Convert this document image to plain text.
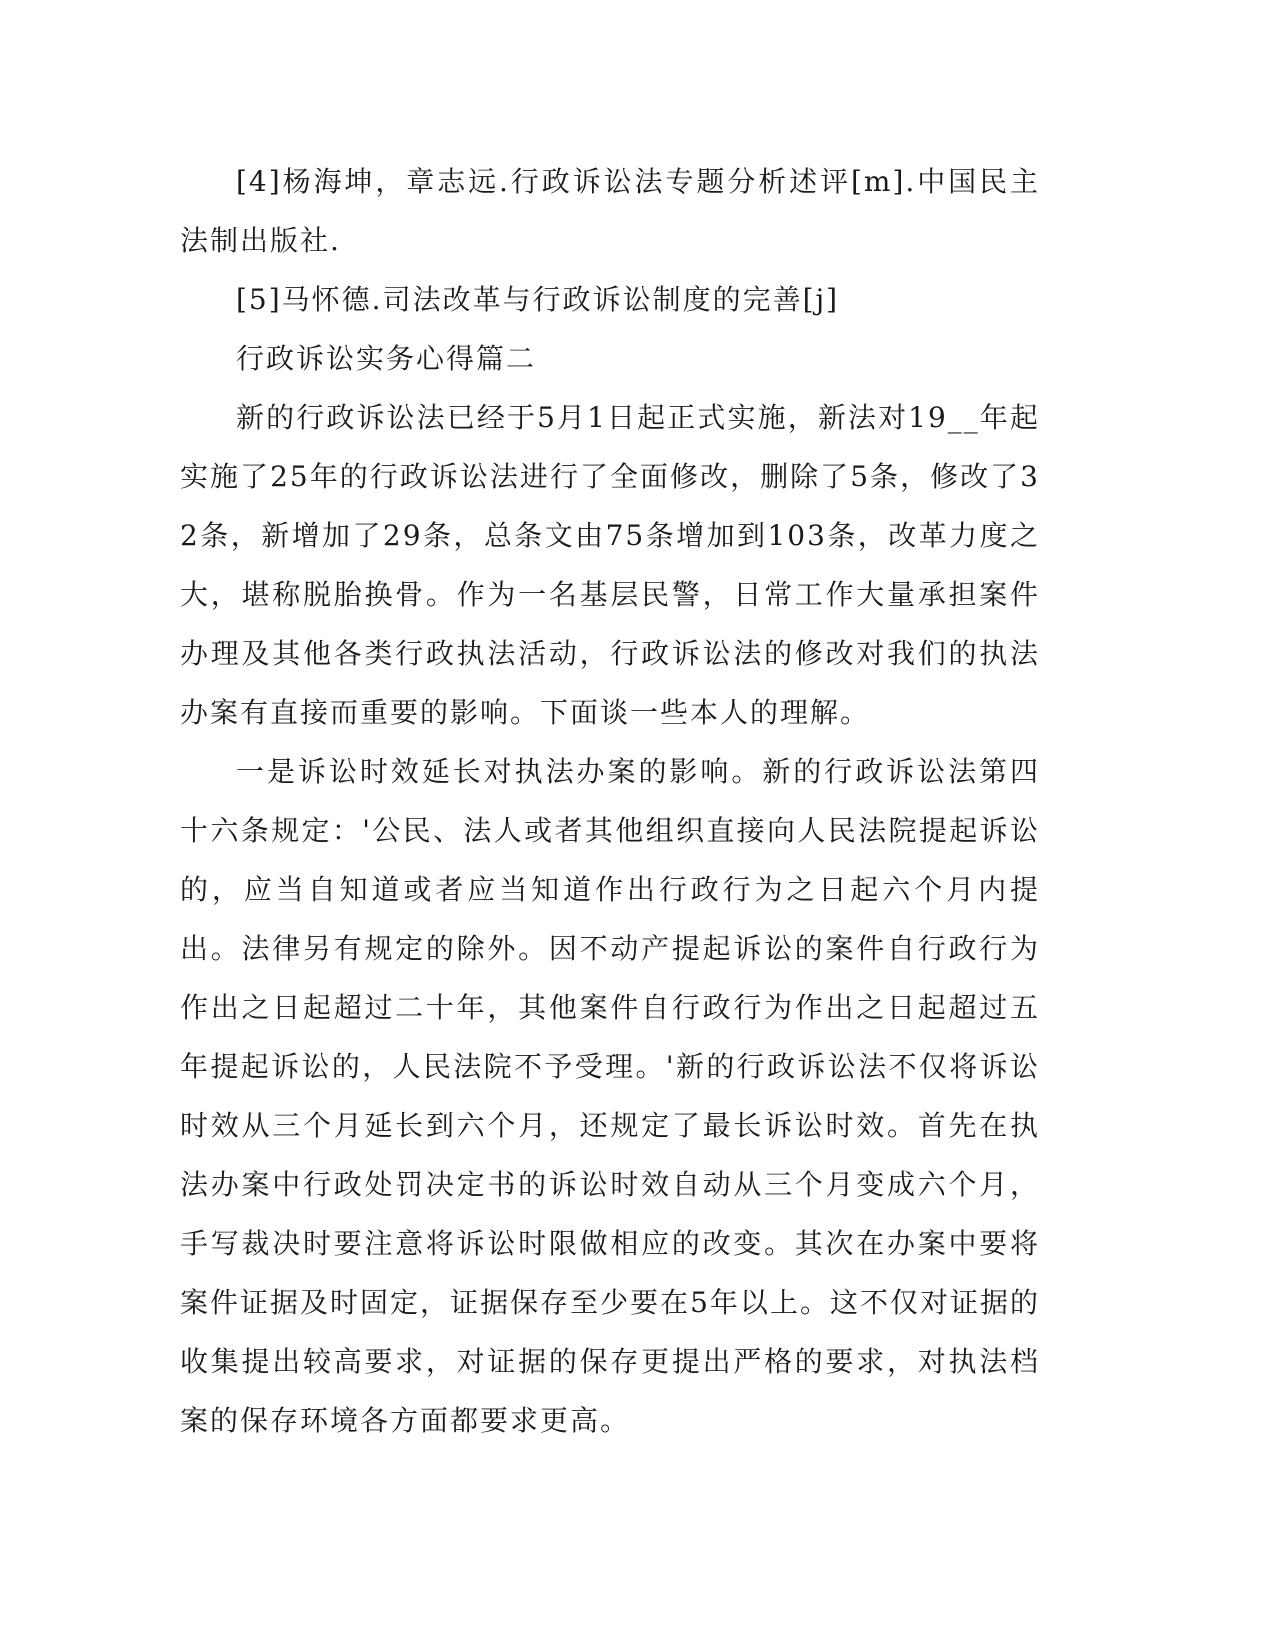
[4]杨海坤，章志远.行政诉讼法专题分析述评[m].中国民主法制出版社.

[5]马怀德.司法改革与行政诉讼制度的完善[j]

行政诉讼实务心得篇二

新的行政诉讼法已经于5月1日起正式实施，新法对19__年起实施了25年的行政诉讼法进行了全面修改，删除了5条，修改了32条，新增加了29条，总条文由75条增加到103条，改革力度之大，堪称脱胎换骨。作为一名基层民警，日常工作大量承担案件办理及其他各类行政执法活动，行政诉讼法的修改对我们的执法办案有直接而重要的影响。下面谈一些本人的理解。

一是诉讼时效延长对执法办案的影响。新的行政诉讼法第四十六条规定：'公民、法人或者其他组织直接向人民法院提起诉讼的，应当自知道或者应当知道作出行政行为之日起六个月内提出。法律另有规定的除外。因不动产提起诉讼的案件自行政行为作出之日起超过二十年，其他案件自行政行为作出之日起超过五年提起诉讼的，人民法院不予受理。'新的行政诉讼法不仅将诉讼时效从三个月延长到六个月，还规定了最长诉讼时效。首先在执法办案中行政处罚决定书的诉讼时效自动从三个月变成六个月，手写裁决时要注意将诉讼时限做相应的改变。其次在办案中要将案件证据及时固定，证据保存至少要在5年以上。这不仅对证据的收集提出较高要求，对证据的保存更提出严格的要求，对执法档案的保存环境各方面都要求更高。
